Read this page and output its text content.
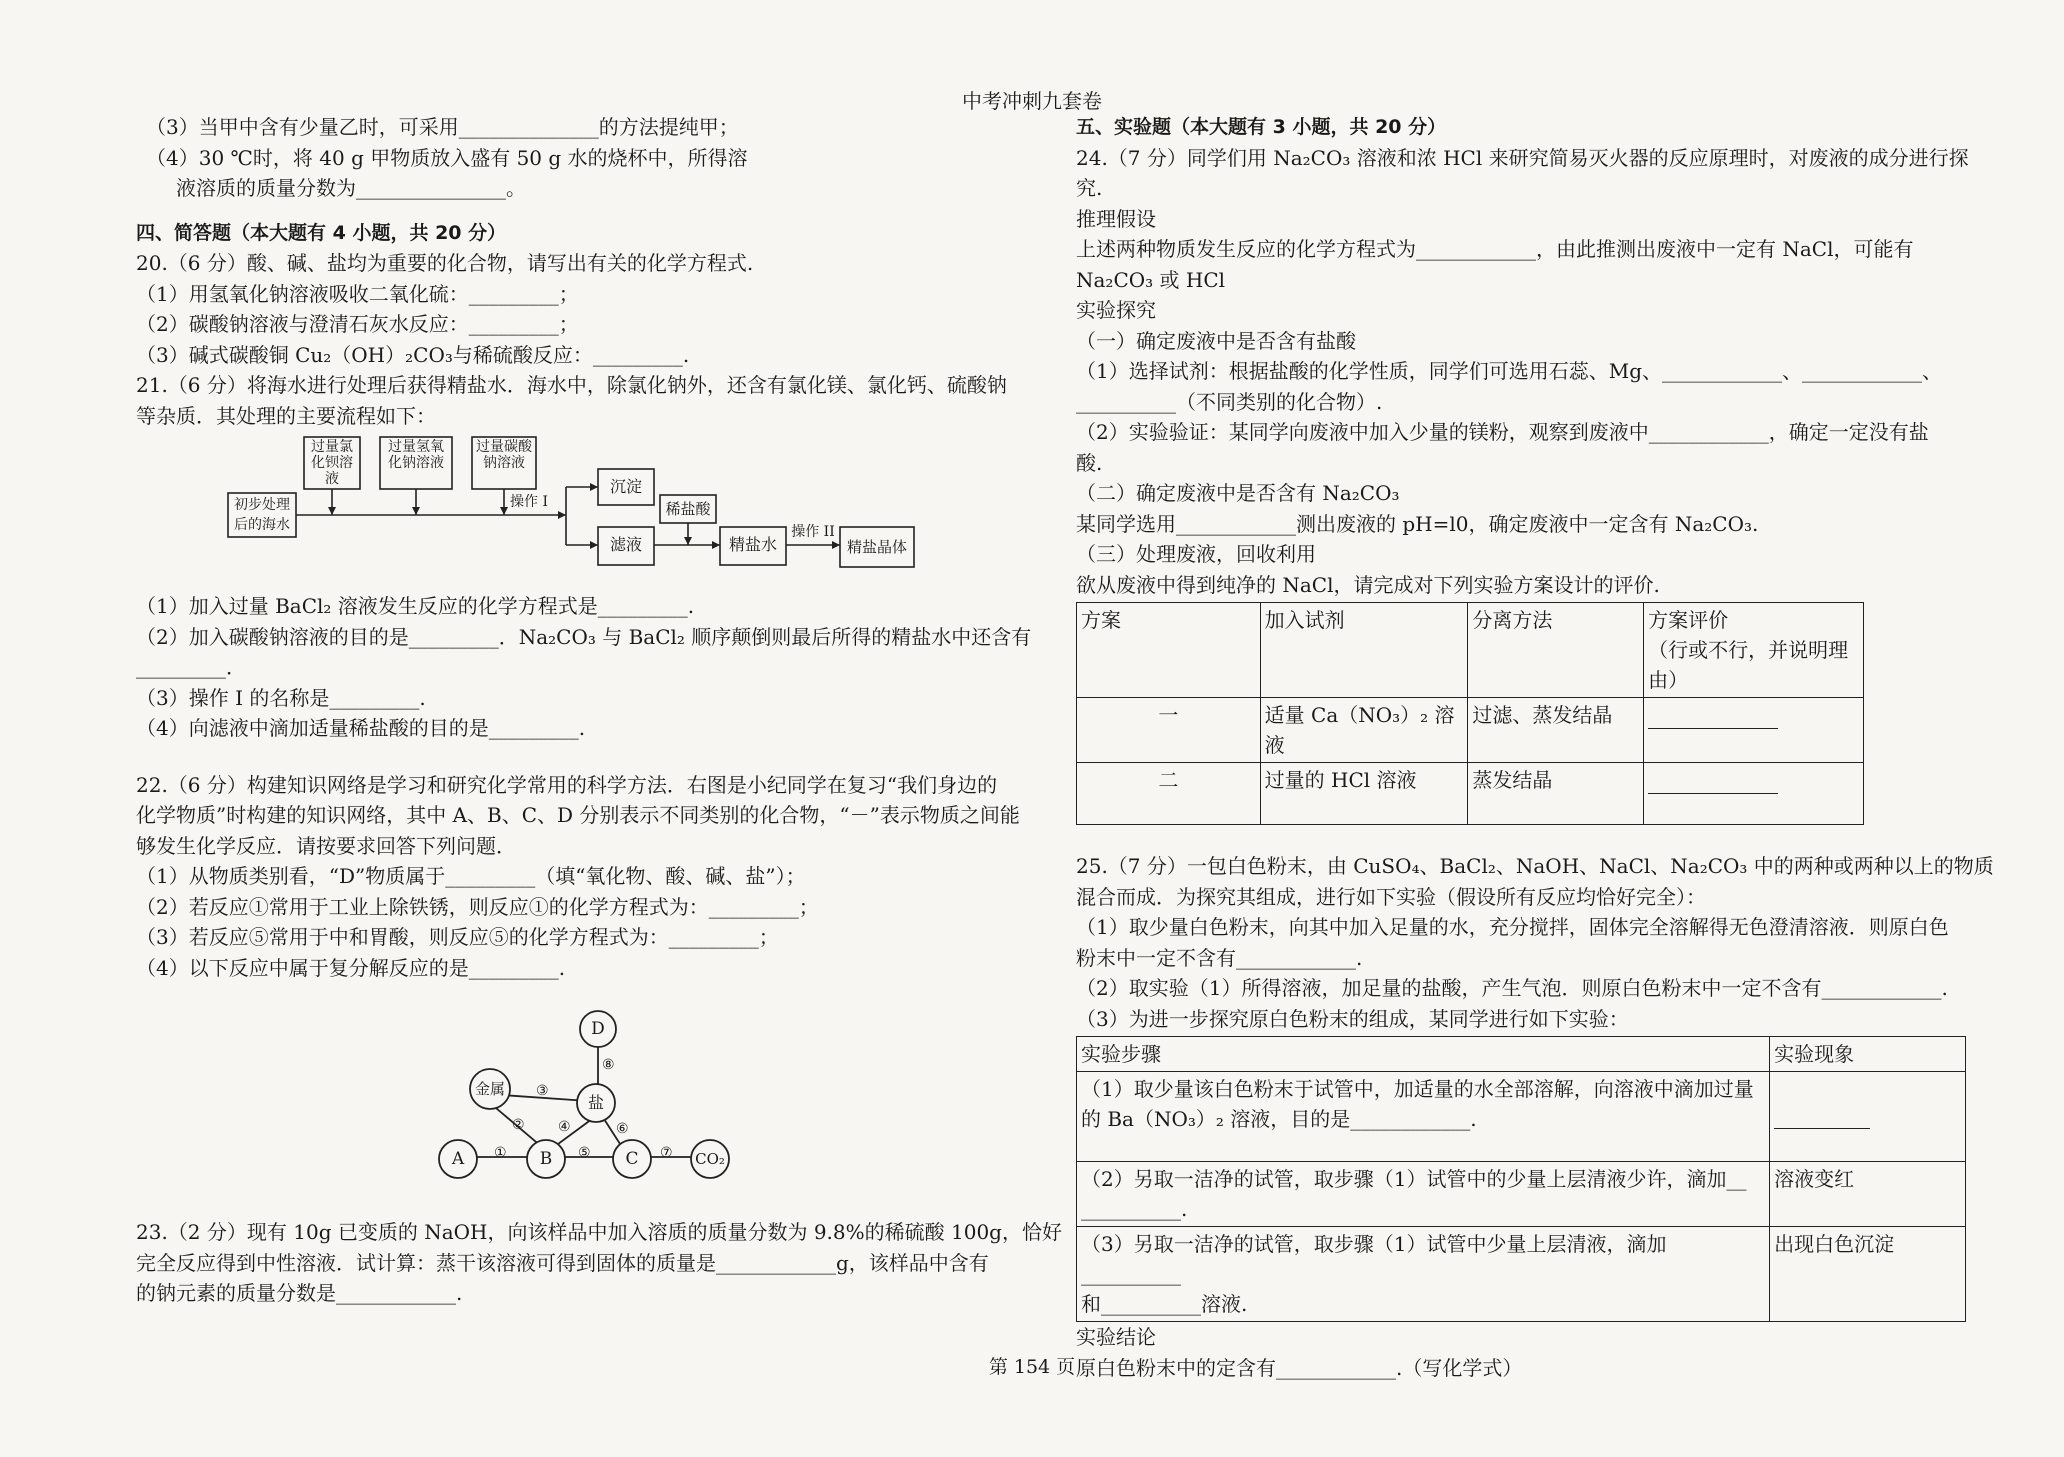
中考冲刺九套卷

（3）当甲中含有少量乙时，可采用______________的方法提纯甲；

（4）30 ℃时，将 40 g 甲物质放入盛有 50 g 水的烧杯中，所得溶

液溶质的质量分数为_______________。

四、简答题（本大题有 4 小题，共 20 分）

20.（6 分）酸、碱、盐均为重要的化合物，请写出有关的化学方程式.

（1）用氢氧化钠溶液吸收二氧化硫：_________；

（2）碳酸钠溶液与澄清石灰水反应：_________；

（3）碱式碳酸铜 Cu₂（OH）₂CO₃与稀硫酸反应：_________.

21.（6 分）将海水进行处理后获得精盐水．海水中，除氯化钠外，还含有氯化镁、氯化钙、硫酸钠

等杂质．其处理的主要流程如下：

过量氯化钡溶液
过量氢氧化钠溶液
过量碳酸钠溶液
初步处理后的海水
操作 I
沉淀
滤液
稀盐酸
精盐水
操作 II
精盐晶体

（1）加入过量 BaCl₂ 溶液发生反应的化学方程式是_________.

（2）加入碳酸钠溶液的目的是_________．Na₂CO₃ 与 BaCl₂ 顺序颠倒则最后所得的精盐水中还含有

_________．

（3）操作 I 的名称是_________.

（4）向滤液中滴加适量稀盐酸的目的是_________.

22.（6 分）构建知识网络是学习和研究化学常用的科学方法．右图是小纪同学在复习“我们身边的

化学物质”时构建的知识网络，其中 A、B、C、D 分别表示不同类别的化合物，“－”表示物质之间能

够发生化学反应．请按要求回答下列问题．

（1）从物质类别看，“D”物质属于_________（填“氧化物、酸、碱、盐”）；

（2）若反应①常用于工业上除铁锈，则反应①的化学方程式为：_________；

（3）若反应⑤常用于中和胃酸，则反应⑤的化学方程式为：_________；

（4）以下反应中属于复分解反应的是_________.

D
金属
盐
A	B	C	CO₂
①
②
③
④
⑤
⑥
⑦
⑧

23.（2 分）现有 10g 已变质的 NaOH，向该样品中加入溶质的质量分数为 9.8%的稀硫酸 100g，恰好

完全反应得到中性溶液．试计算：蒸干该溶液可得到固体的质量是____________g，该样品中含有

的钠元素的质量分数是____________.

五、实验题（本大题有 3 小题，共 20 分）

24.（7 分）同学们用 Na₂CO₃ 溶液和浓 HCl 来研究简易灭火器的反应原理时，对废液的成分进行探

究.

推理假设

上述两种物质发生反应的化学方程式为____________，由此推测出废液中一定有 NaCl，可能有

Na₂CO₃ 或 HCl

实验探究

（一）确定废液中是否含有盐酸

（1）选择试剂：根据盐酸的化学性质，同学们可选用石蕊、Mg、____________、____________、

__________（不同类别的化合物）.

（2）实验验证：某同学向废液中加入少量的镁粉，观察到废液中____________，确定一定没有盐

酸.

（二）确定废液中是否含有 Na₂CO₃

某同学选用____________测出废液的 pH=l0，确定废液中一定含有 Na₂CO₃.

（三）处理废液，回收利用

欲从废液中得到纯净的 NaCl，请完成对下列实验方案设计的评价.

方案	加入试剂	分离方法	方案评价
（行或不行，并说明理由）

一	适量 Ca（NO₃）₂ 溶液	过滤、蒸发结晶	

二	过量的 HCl 溶液	蒸发结晶	

25.（7 分）一包白色粉末，由 CuSO₄、BaCl₂、NaOH、NaCl、Na₂CO₃ 中的两种或两种以上的物质

混合而成．为探究其组成，进行如下实验（假设所有反应均恰好完全）：

（1）取少量白色粉末，向其中加入足量的水，充分搅拌，固体完全溶解得无色澄清溶液．则原白色

粉末中一定不含有____________.

（2）取实验（1）所得溶液，加足量的盐酸，产生气泡．则原白色粉末中一定不含有____________.

（3）为进一步探究原白色粉末的组成，某同学进行如下实验：

实验步骤	实验现象

（1）取少量该白色粉末于试管中，加适量的水全部溶解，向溶液中滴加过量
的 Ba（NO₃）₂ 溶液，目的是____________.	

（2）另取一洁净的试管，取步骤（1）试管中的少量上层清液少许，滴加__
__________.	溶液变红

（3）另取一洁净的试管，取步骤（1）试管中少量上层清液，滴加__________
和__________溶液.	出现白色沉淀

实验结论

原白色粉末中的定含有____________.（写化学式）

第 154 页
